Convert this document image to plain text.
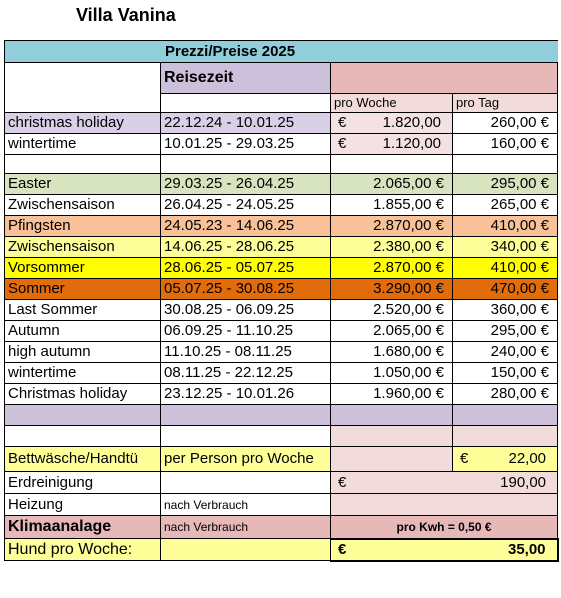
Villa Vanina
Prezzi/Preise 2025			
	Reisezeit		
		pro Woche	pro Tag
christmas holiday	22.12.24 - 10.01.25	€ 1.820,00	260,00 €
wintertime	10.01.25 - 29.03.25	€ 1.120,00	160,00 €

Easter	29.03.25 - 26.04.25	2.065,00 €	295,00 €
Zwischensaison	26.04.25 - 24.05.25	1.855,00 €	265,00 €
Pfingsten	24.05.23 - 14.06.25	2.870,00 €	410,00 €
Zwischensaison	14.06.25 - 28.06.25	2.380,00 €	340,00 €
Vorsommer	28.06.25 - 05.07.25	2.870,00 €	410,00 €
Sommer	05.07.25 - 30.08.25	3.290,00 €	470,00 €
Last Sommer	30.08.25 - 06.09.25	2.520,00 €	360,00 €
Autumn	06.09.25 - 11.10.25	2.065,00 €	295,00 €
high autumn	11.10.25 - 08.11.25	1.680,00 €	240,00 €
wintertime	08.11.25 - 22.12.25	1.050,00 €	150,00 €
Christmas holiday	23.12.25 - 10.01.26	1.960,00 €	280,00 €

Bettwäsche/Handtü	per Person pro Woche		€ 22,00

Erdreinigung		€ 190,00	

Heizung	nach Verbrauch		
Klimaanalage	nach Verbrauch	pro Kwh = 0,50 €	
Hund pro Woche:		€ 35,00	
